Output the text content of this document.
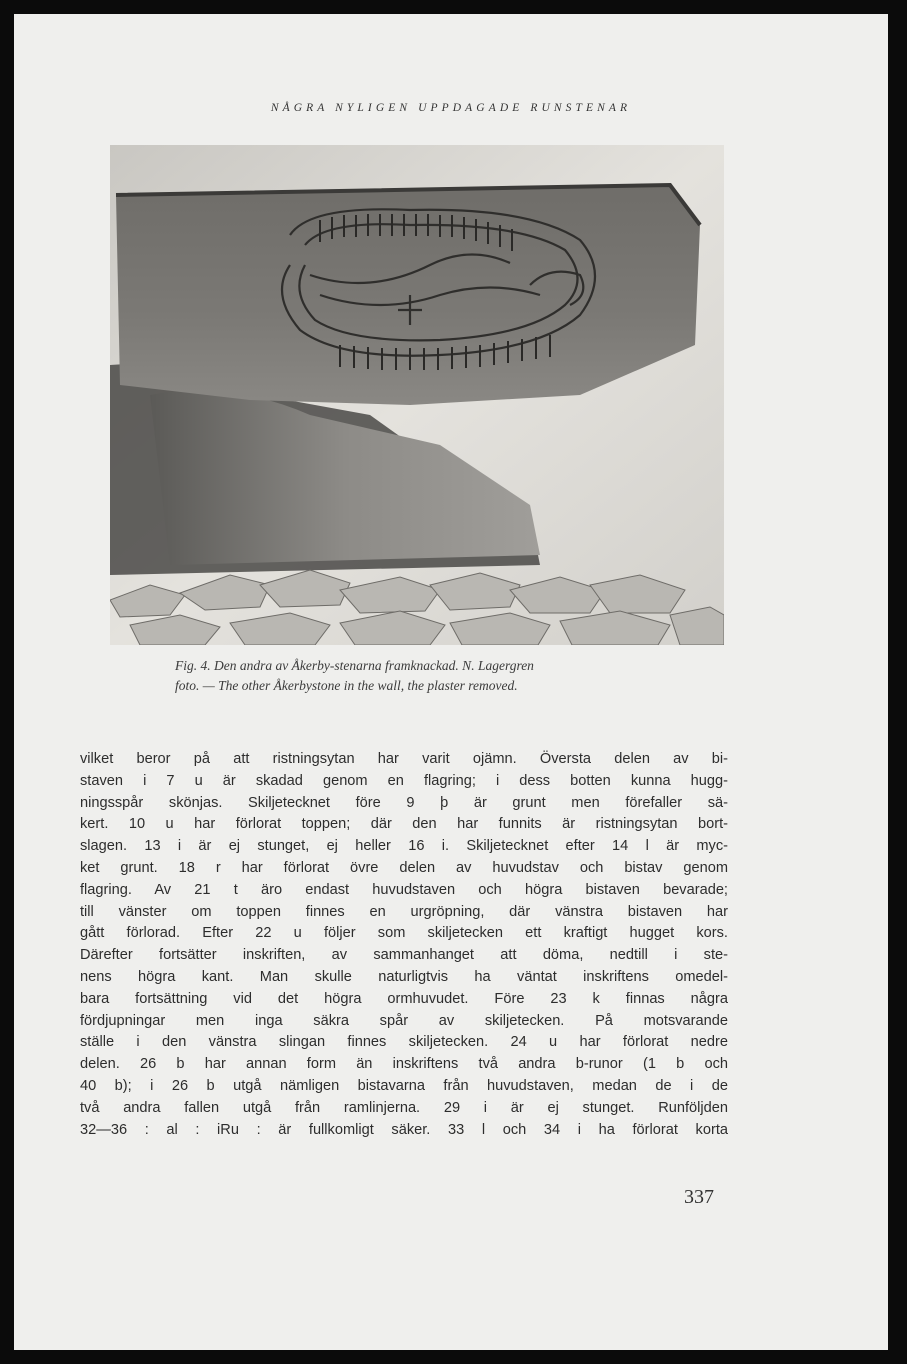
NÅGRA NYLIGEN UPPDAGADE RUNSTENAR

Fig. 4. Den andra av Åkerby-stenarna framknackad. N. Lagergren

foto. — The other Åkerbystone in the wall, the plaster removed.

vilket beror på att ristningsytan har varit ojämn. Översta delen av bi-
staven i 7 u är skadad genom en flagring; i dess botten kunna hugg-
ningsspår skönjas. Skiljetecknet före 9 þ är grunt men förefaller sä-
kert. 10 u har förlorat toppen; där den har funnits är ristningsytan bort-
slagen. 13 i är ej stunget, ej heller 16 i. Skiljetecknet efter 14 l är myc-
ket grunt. 18 r har förlorat övre delen av huvudstav och bistav genom
flagring. Av 21 t äro endast huvudstaven och högra bistaven bevarade;
till vänster om toppen finnes en urgröpning, där vänstra bistaven har
gått förlorad. Efter 22 u följer som skiljetecken ett kraftigt hugget kors.
Därefter fortsätter inskriften, av sammanhanget att döma, nedtill i ste-
nens högra kant. Man skulle naturligtvis ha väntat inskriftens omedel-
bara fortsättning vid det högra ormhuvudet. Före 23 k finnas några
fördjupningar men inga säkra spår av skiljetecken. På motsvarande
ställe i den vänstra slingan finnes skiljetecken. 24 u har förlorat nedre
delen. 26 b har annan form än inskriftens två andra b-runor (1 b och
40 b); i 26 b utgå nämligen bistavarna från huvudstaven, medan de i de
två andra fallen utgå från ramlinjerna. 29 i är ej stunget. Runföljden
32—36 : al : iRu : är fullkomligt säker. 33 l och 34 i ha förlorat korta
337
